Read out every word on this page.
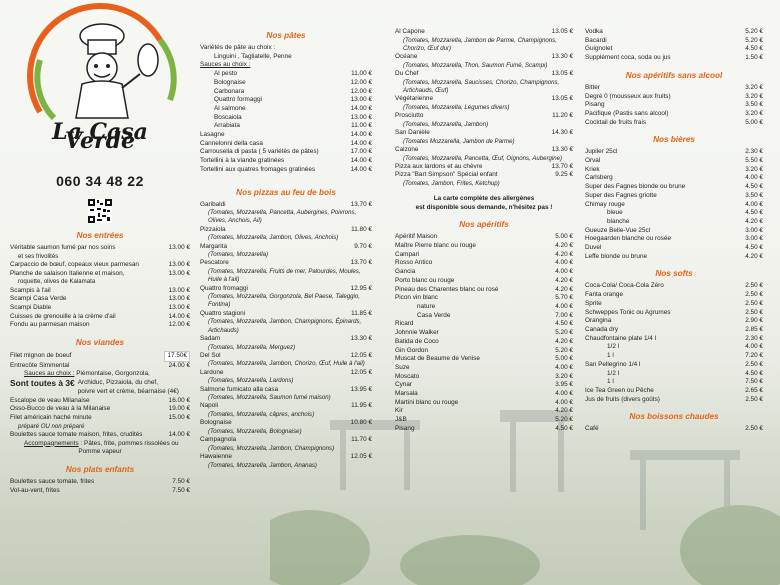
La Casa Verde
060 34 48 22
Nos entrées
Véritable saumon fumé par nos soins	13.00 €
et ses frivolités
Carpaccio de bœuf, copeaux vieux parmesan	13.00 €
Planche de salaison Italienne et maison,	13.00 €
roquette, olives de Kalamata
Scampis à l'ail	13.00 €
Scampi Casa Verde	13.00 €
Scampi Diable	13.00 €
Cuisses de grenouille à la crème d'ail	14.00 €
Fondu au parmesan maison	12.00 €
Nos viandes
Filet mignon de boeuf	17.50€
Entrecôte Simmental	24.00 €
Sauces au choix : Piémontaise, Gorgonzola,
Sont toutes à 3€ Archiduc, Pizzaiola, du chef,
poivre vert et crème, béarnaise (4€)
Escalope de veau Milanaise	16.00 €
Osso-Bucco de veau à la Milanaise	19.00 €
Filet américain haché minute	15.00 €
préparé OU non préparé
Boulettes sauce tomate maison, frites, crudités	14.00 €
Accompagnements : Pâtes, frite, pommes rissolées ou
Pomme vapeur
Nos plats enfants
Boulettes sauce tomate, frites	7.50 €
Vol-au-vent, frites	7.50 €
Nos pâtes
Variétés de pâte au choix :
Linguini , Tagliatelle, Penne
Sauces au choix :
Al pesto	11.00 €
Bolognaise	12.00 €
Carbonara	12.00 €
Quattro formaggi	13.00 €
Al salmone	14.00 €
Boscaiola	13.00 €
Arrabiata	11.00 €
Lasagne	14.00 €
Cannelonni della casa	14.00 €
Carrousella di pasta ( 5 variétés de pâtes)	17.00 €
Tortellini à la viande gratinées	14.00 €
Tortellini aux quatres fromages gratinées	14.00 €
Nos pizzas au feu de bois
Garibaldi	13.70 €
(Tomates, Mozzarella, Pancetta, Aubergines, Poivrons, Olives, Anchois, Ail)
Pizzaiola	11.80 €
(Tomates, Mozzarella, Jambon, Olives, Anchois)
Margarita	9.70 €
(Tomates, Mozzarella)
Pescatore	13.70 €
(Tomates, Mozzarella, Fruits de mer, Palourdes, Moules, Huile à l'ail)
Quattro fromaggi	12.95 €
(Tomates, Mozzarella, Gorgonzola, Bel Paese, Taleggio, Fontina)
Quattro stagioni	11.85 €
(Tomates, Mozzarella, Jambon, Champignons, Épinards, Artichauds)
Sadam	13.30 €
(Tomates, Mozzarella, Merguez)
Del Sol	12.05 €
(Tomates, Mozzarella, Jambon, Chorizo, Œuf, Huile à l'ail)
Lardone	12.05 €
(Tomates, Mozzarella, Lardons)
Salmone fumicato alla casa	13.95 €
(Tomates, Mozzarella, Saumon fumé maison)
Napoli	11.95 €
(Tomates, Mozzarella, câpres, anchois)
Bolognaise	10.80 €
(Tomates, Mozzarella, Bolognaise)
Campagnola	11.70 €
(Tomates, Mozzarella, Jambon, Champignons)
Hawaienne	12.05 €
(Tomates, Mozzarella, Jambon, Ananas)
Al Capone	13.05 €
(Tomates, Mozzarella, Jambon de Parme, Champignons, Chorizo, Œuf dur)
Océane	13.30 €
(Tomates, Mozzarella, Thon, Saumon Fumé, Scampi)
Du Chef	13.05 €
(Tomates, Mozzarella, Saucisses, Chorizo, Champignons, Artichauds, Œuf)
Végétarienne	13.05 €
(Tomates, Mozzarella, Légumes divers)
Prosciutto	11.20 €
(Tomates, Mozzarella, Jambon)
San Danièle	14.30 €
(Tomates Mozzarella, Jambon de Parme)
Calzone	13.30 €
(Tomates, Mozzarella, Pancetta, Œuf, Oignons, Aubergine)
Pizza aux lardons et au chèvre	13.70 €
Pizza "Bart Simpson" Spécial enfant	9.25 €
(Tomates, Jambon, Frites, Ketchup)
La carte complète des allergènes
est disponible sous demande, n'hésitez pas !
Nos apéritifs
Apéritif Maison	5.00 €
Maître Pierre blanc ou rouge	4.20 €
Campari	4.20 €
Rosso Antico	4.00 €
Gancia	4.00 €
Porto blanc ou rouge	4.20 €
Pineau des Charentes blanc ou rosé	4.20 €
Picon vin blanc	5.70 €
nature	4.00 €
Casa Verde	7.00 €
Ricard	4.50 €
Johnnie Walker	5.20 €
Batida de Coco	4.20 €
Gin Gordon	5.20 €
Muscat de Beaume de Venise	5.00 €
Suze	4.00 €
Moscato	3.20 €
Cynar	3.95 €
Marsala	4.00 €
Martini blanc ou rouge	4.00 €
Kir	4.20 €
J&B	5.20 €
Pisang	4.50 €
Vodka	5.20 €
Bacardi	5.20 €
Guignolet	4.50 €
Supplément coca, soda ou jus	1.50 €
Nos apéritifs sans alcool
Bitter	3.20 €
Degré 0 (mousseux aux fruits)	3.20 €
Pisang	3.50 €
Pacifique (Pastis sans alcool)	3.20 €
Cocktail de fruits frais	5.00 €
Nos bières
Jupiler 25cl	2.30 €
Orval	5.50 €
Kriek	3.20 €
Carlsberg	4.00 €
Super des Fagnes blonde ou brune	4.50 €
Super des Fagnes griotte	3.50 €
Chimay rouge	4.00 €
bleue	4.50 €
blanche	4.20 €
Gueuze Belle-Vue 25cl	3.00 €
Hoegaarden blanche ou rosée	3.00 €
Duvel	4.50 €
Leffe blonde ou brune	4.20 €
Nos softs
Coca-Cola/ Coca-Cola Zéro	2.50 €
Fanta orange	2.50 €
Sprite	2.50 €
Schweppes Tonic ou Agrumes	2.50 €
Orangina	2.90 €
Canada dry	2.85 €
Chaudfontaine plate 1/4 l	2.30 €
1/2 l	4.00 €
1 l	7.20 €
San Pellegrino 1/4 l	2.50 €
1/2 l	4.50 €
1 l	7.50 €
Ice Tea Green ou Pêche	2.65 €
Jus de fruits (divers goûts)	2.50 €
Nos boissons chaudes
Café	2.50 €
